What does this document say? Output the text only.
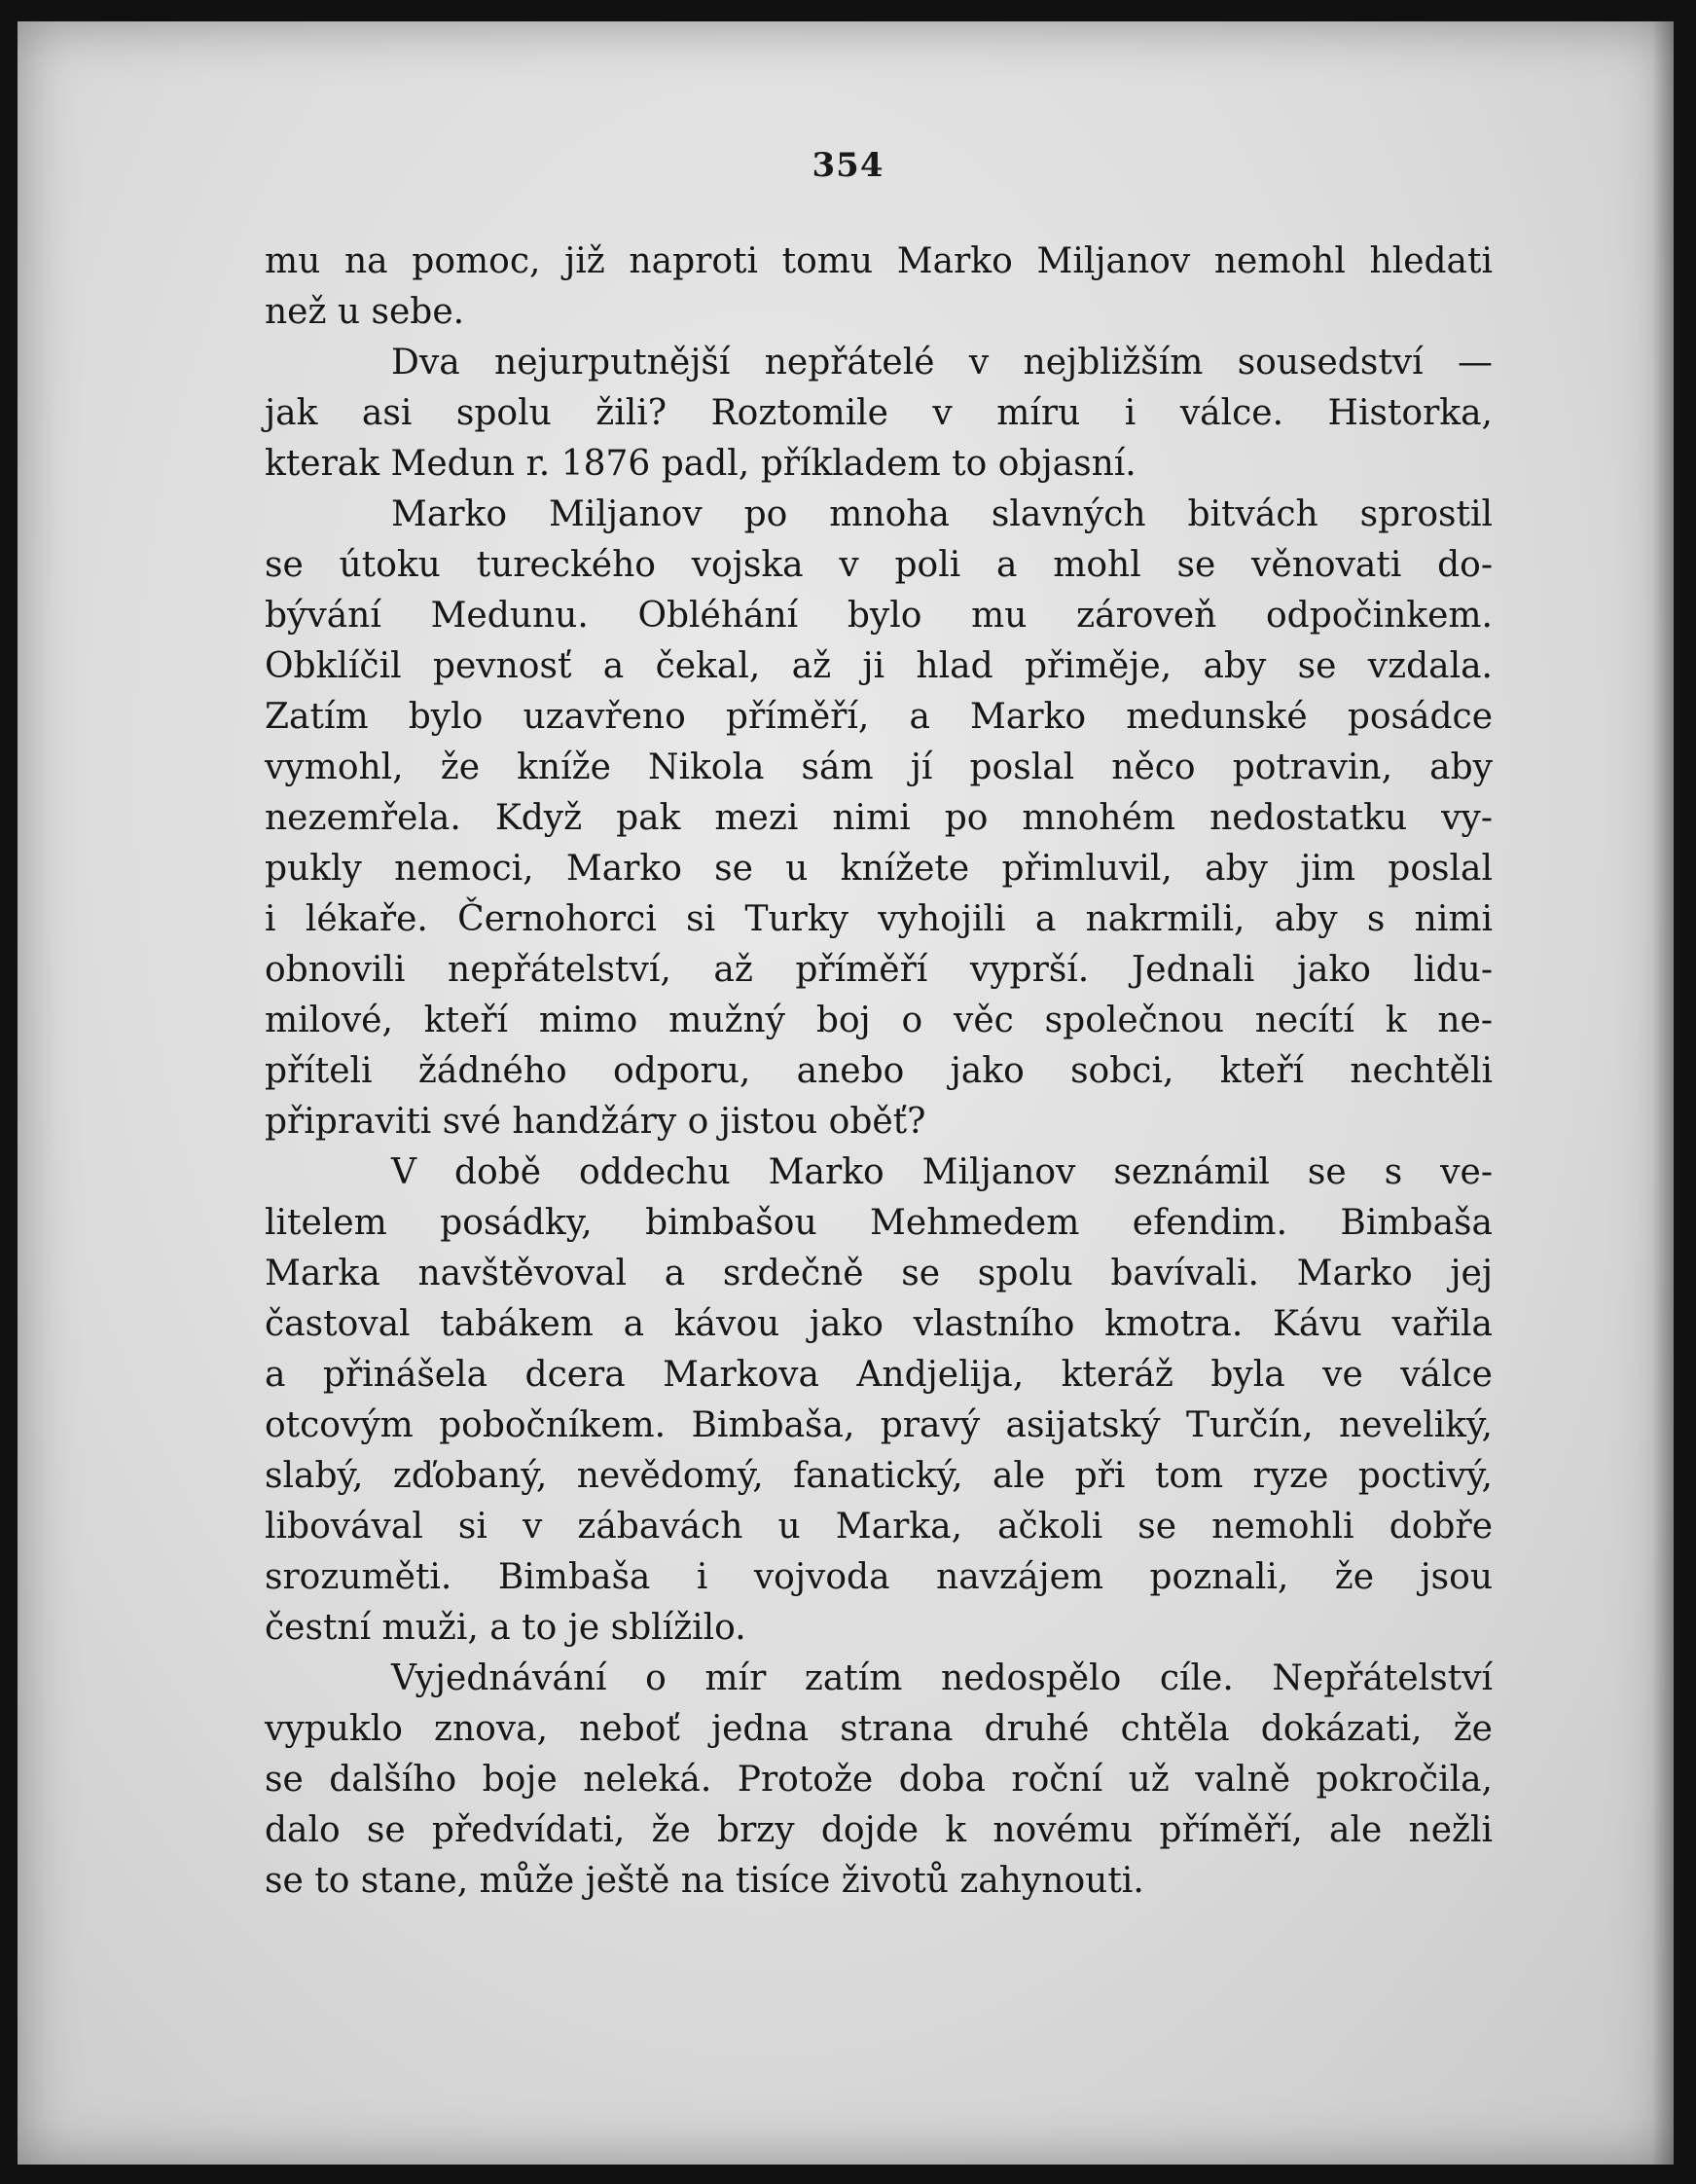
354
mu na pomoc, již naproti tomu Marko Miljanov nemohl hledati
než u sebe.
Dva nejurputnější nepřátelé v nejbližším sousedství —
jak asi spolu žili? Roztomile v míru i válce. Historka,
kterak Medun r. 1876 padl, příkladem to objasní.
Marko Miljanov po mnoha slavných bitvách sprostil
se útoku tureckého vojska v poli a mohl se věnovati do-
bývání Medunu. Obléhání bylo mu zároveň odpočinkem.
Obklíčil pevnosť a čekal, až ji hlad přiměje, aby se vzdala.
Zatím bylo uzavřeno příměří, a Marko medunské posádce
vymohl, že kníže Nikola sám jí poslal něco potravin, aby
nezemřela. Když pak mezi nimi po mnohém nedostatku vy-
pukly nemoci, Marko se u knížete přimluvil, aby jim poslal
i lékaře. Černohorci si Turky vyhojili a nakrmili, aby s nimi
obnovili nepřátelství, až příměří vyprší. Jednali jako lidu-
milové, kteří mimo mužný boj o věc společnou necítí k ne-
příteli žádného odporu, anebo jako sobci, kteří nechtěli
připraviti své handžáry o jistou oběť?
V době oddechu Marko Miljanov seznámil se s ve-
litelem posádky, bimbašou Mehmedem efendim. Bimbaša
Marka navštěvoval a srdečně se spolu bavívali. Marko jej
častoval tabákem a kávou jako vlastního kmotra. Kávu vařila
a přinášela dcera Markova Andjelija, kteráž byla ve válce
otcovým pobočníkem. Bimbaša, pravý asijatský Turčín, neveliký,
slabý, zďobaný, nevědomý, fanatický, ale při tom ryze poctivý,
libovával si v zábavách u Marka, ačkoli se nemohli dobře
srozuměti. Bimbaša i vojvoda navzájem poznali, že jsou
čestní muži, a to je sblížilo.
Vyjednávání o mír zatím nedospělo cíle. Nepřátelství
vypuklo znova, neboť jedna strana druhé chtěla dokázati, že
se dalšího boje neleká. Protože doba roční už valně pokročila,
dalo se předvídati, že brzy dojde k novému příměří, ale nežli
se to stane, může ještě na tisíce životů zahynouti.
